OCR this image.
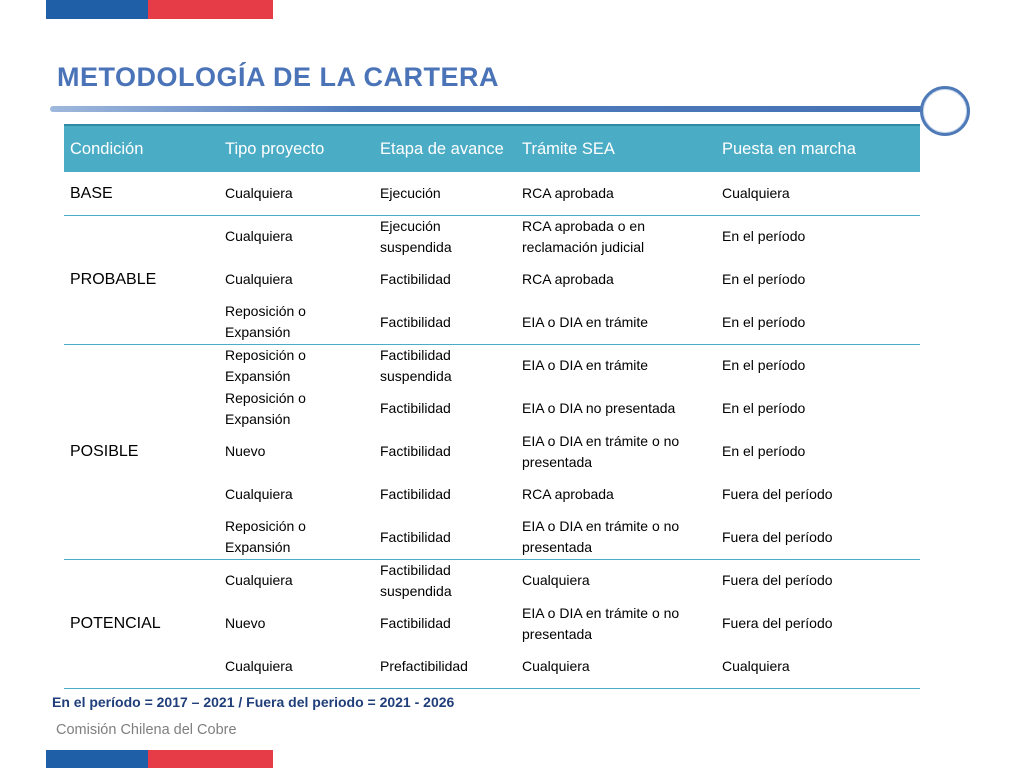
METODOLOGÍA DE LA CARTERA
Condición	Tipo proyecto	Etapa de avance	Trámite SEA	Puesta en marcha
BASE	Cualquiera	Ejecución	RCA aprobada	Cualquiera
PROBABLE	Cualquiera	Ejecución suspendida	RCA aprobada o en reclamación judicial	En el período
	Cualquiera	Factibilidad	RCA aprobada	En el período
	Reposición o Expansión	Factibilidad	EIA o DIA en trámite	En el período
POSIBLE	Reposición o Expansión	Factibilidad suspendida	EIA o DIA en trámite	En el período
	Reposición o Expansión	Factibilidad	EIA o DIA no presentada	En el período
	Nuevo	Factibilidad	EIA o DIA en trámite o no presentada	En el período
	Cualquiera	Factibilidad	RCA aprobada	Fuera del período
	Reposición o Expansión	Factibilidad	EIA o DIA en trámite o no presentada	Fuera del período
POTENCIAL	Cualquiera	Factibilidad suspendida	Cualquiera	Fuera del período
	Nuevo	Factibilidad	EIA o DIA en trámite o no presentada	Fuera del período
	Cualquiera	Prefactibilidad	Cualquiera	Cualquiera

En el período = 2017 – 2021 / Fuera del periodo = 2021 - 2026

Comisión Chilena del Cobre
